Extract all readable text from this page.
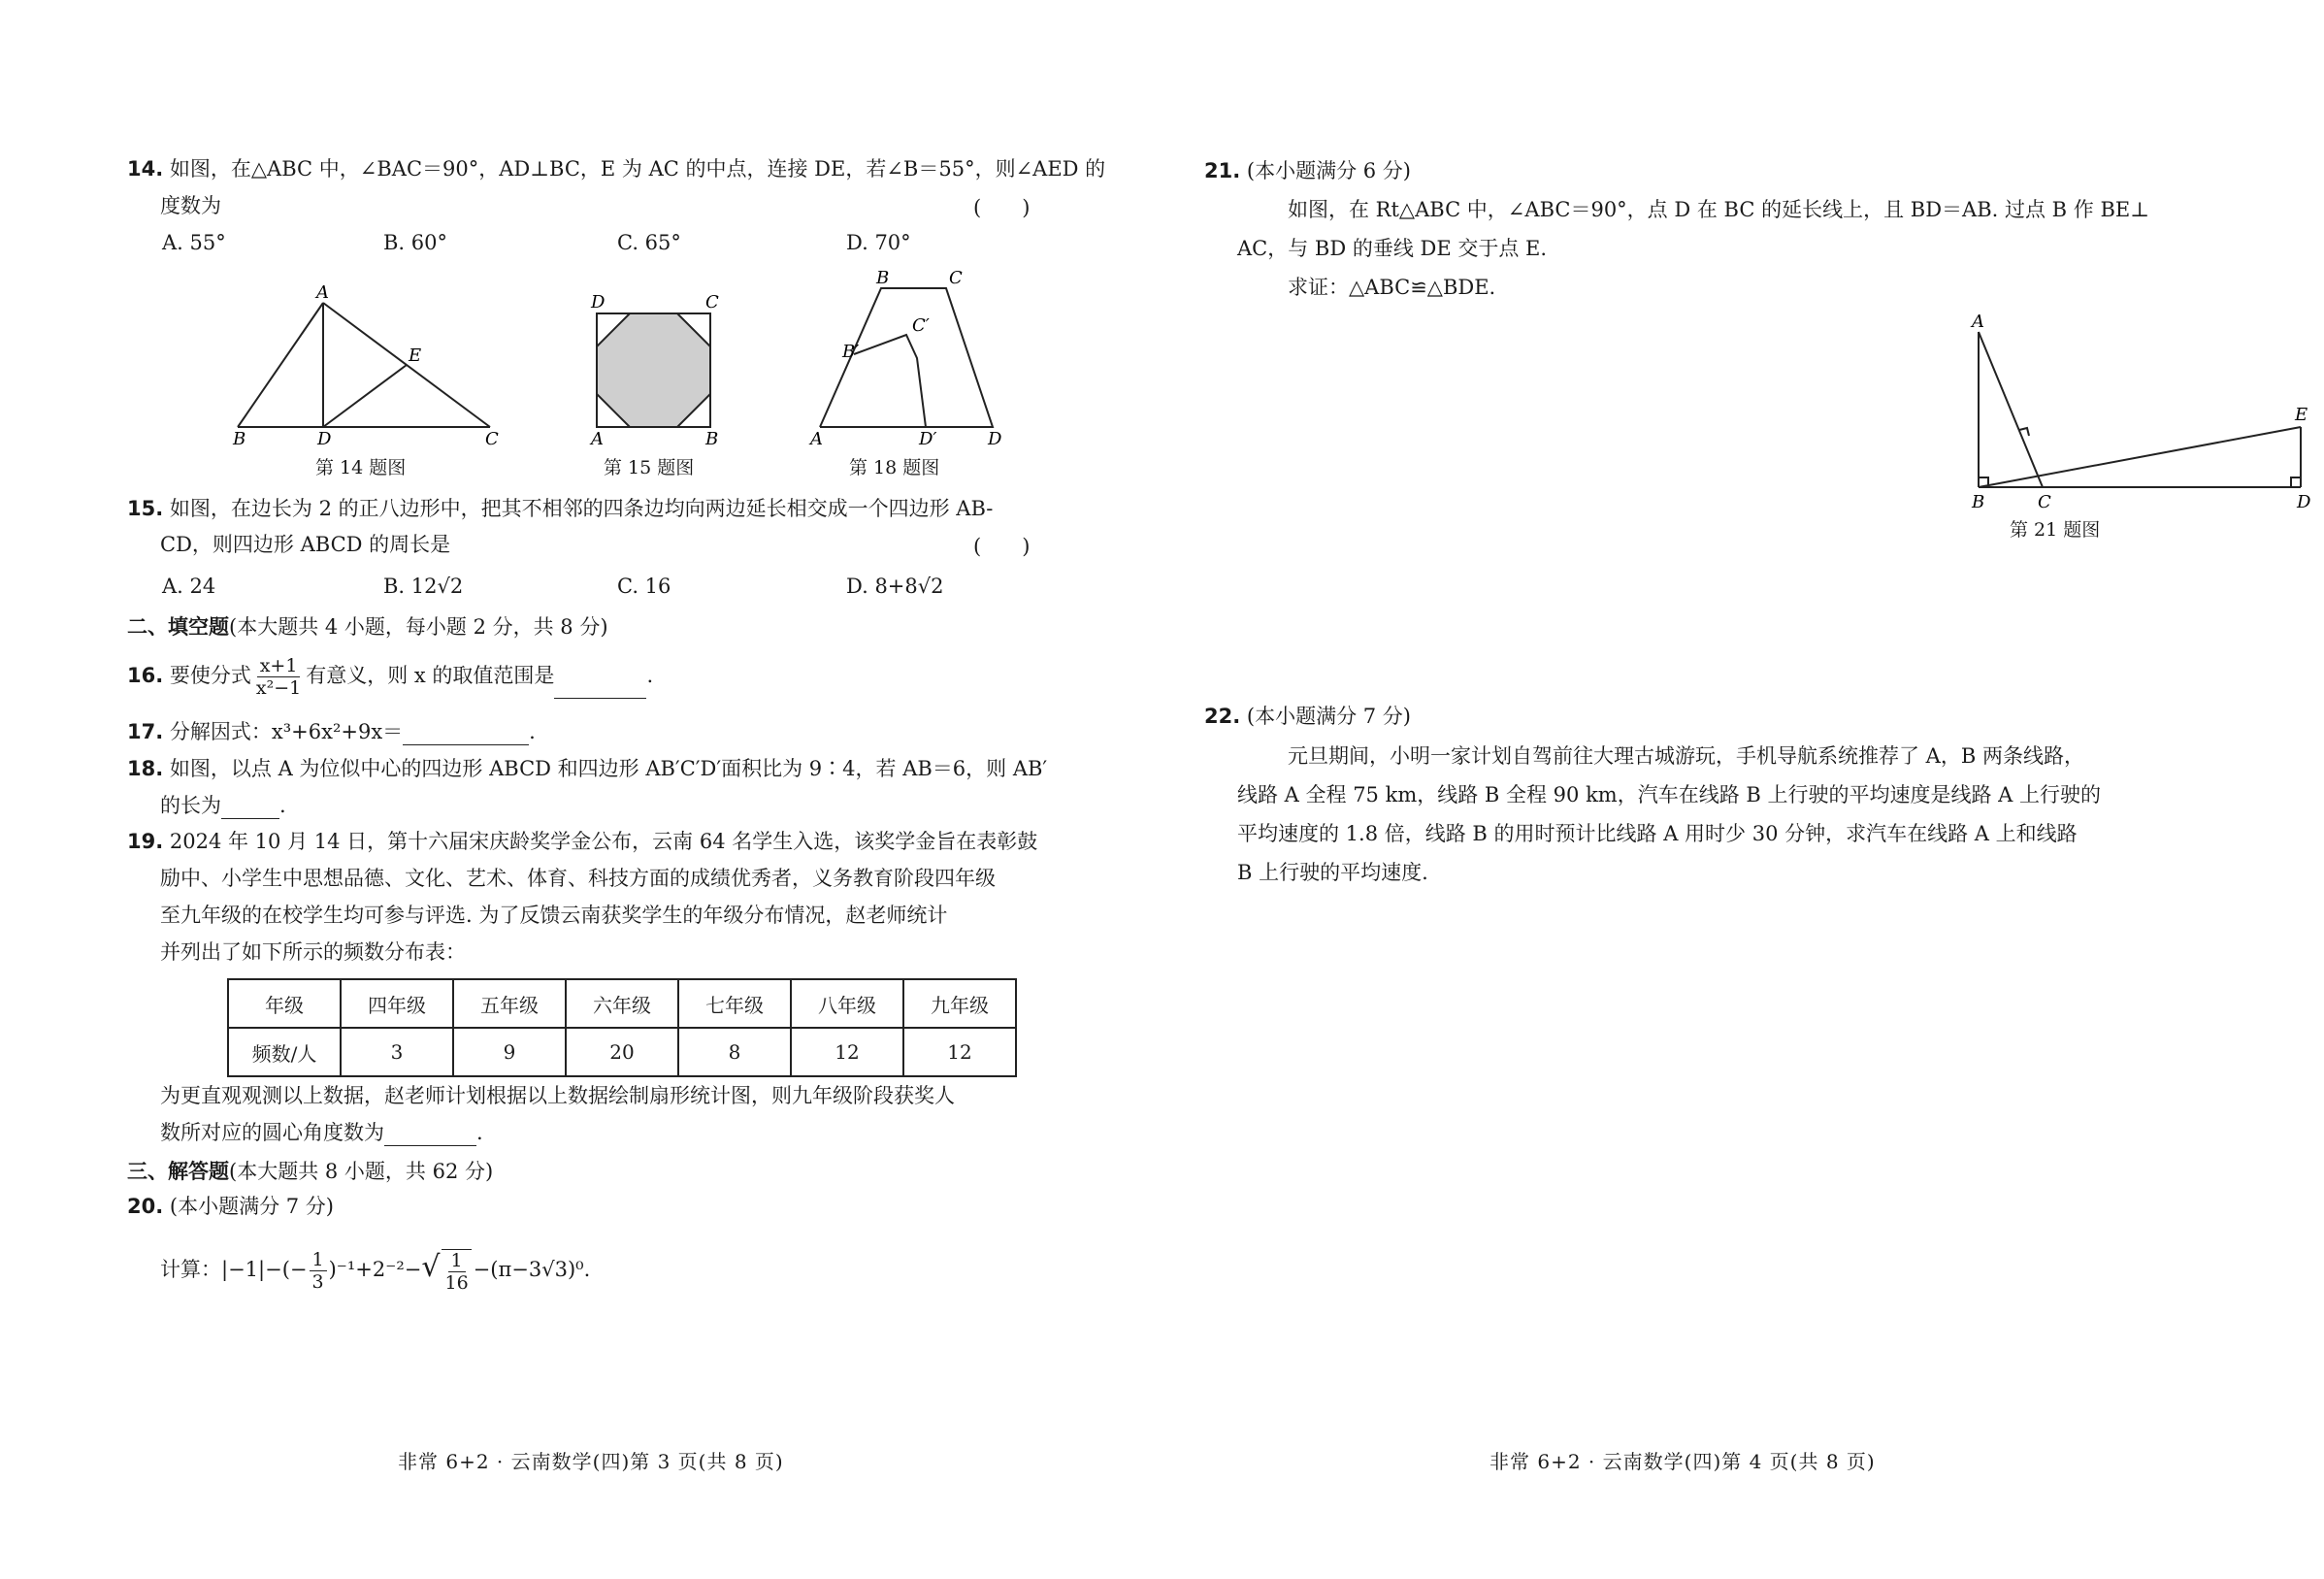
14. 如图，在△ABC 中，∠BAC＝90°，AD⊥BC，E 为 AC 的中点，连接 DE，若∠B＝55°，则∠AED 的
度数为	(　　)
A. 55°	B. 60°	C. 65°	D. 70°
A
B	D	C
E
第 14 题图
D	C
A	B
第 15 题图
B	C
B′
C′
A	D′	D
第 18 题图
15. 如图，在边长为 2 的正八边形中，把其不相邻的四条边均向两边延长相交成一个四边形 AB-
CD，则四边形 ABCD 的周长是	(　　)
A. 24	B. 12√2	C. 16	D. 8+8√2
二、填空题(本大题共 4 小题，每小题 2 分，共 8 分)
16. 要使分式 $\frac{x+1}{\text{x²−1}}$ 有意义，则 x 的取值范围是	.
17. 分解因式：x³+6x²+9x＝	.
18. 如图，以点 A 为位似中心的四边形 ABCD 和四边形 AB′C′D′面积比为 9∶4，若 AB＝6，则 AB′
的长为	.
19. 2024 年 10 月 14 日，第十六届宋庆龄奖学金公布，云南 64 名学生入选，该奖学金旨在表彰鼓
励中、小学生中思想品德、文化、艺术、体育、科技方面的成绩优秀者，义务教育阶段四年级
至九年级的在校学生均可参与评选. 为了反馈云南获奖学生的年级分布情况，赵老师统计
并列出了如下所示的频数分布表：
年级	四年级	五年级	六年级	七年级	八年级	九年级
频数/人	3	9	20	8	12	12
为更直观观测以上数据，赵老师计划根据以上数据绘制扇形统计图，则九年级阶段获奖人
数所对应的圆心角度数为	.
三、解答题(本大题共 8 小题，共 62 分)
20. (本小题满分 7 分)
计算：$|-1|-(- \frac{1}{3} )^{-1}+2^{-2}-√ \frac{1}{16} -(\pi-3√3)^0$.
非常 6+2 · 云南数学(四)第 3 页(共 8 页)
21. (本小题满分 6 分)
如图，在 Rt△ABC 中，∠ABC＝90°，点 D 在 BC 的延长线上，且 BD＝AB. 过点 B 作 BE⊥
AC，与 BD 的垂线 DE 交于点 E.
求证：△ABC≌△BDE.
A
B	C	D
E
第 21 题图
22. (本小题满分 7 分)
元旦期间，小明一家计划自驾前往大理古城游玩，手机导航系统推荐了 A，B 两条线路，
线路 A 全程 75 km，线路 B 全程 90 km，汽车在线路 B 上行驶的平均速度是线路 A 上行驶的
平均速度的 1.8 倍，线路 B 的用时预计比线路 A 用时少 30 分钟，求汽车在线路 A 上和线路
B 上行驶的平均速度.
非常 6+2 · 云南数学(四)第 4 页(共 8 页)
